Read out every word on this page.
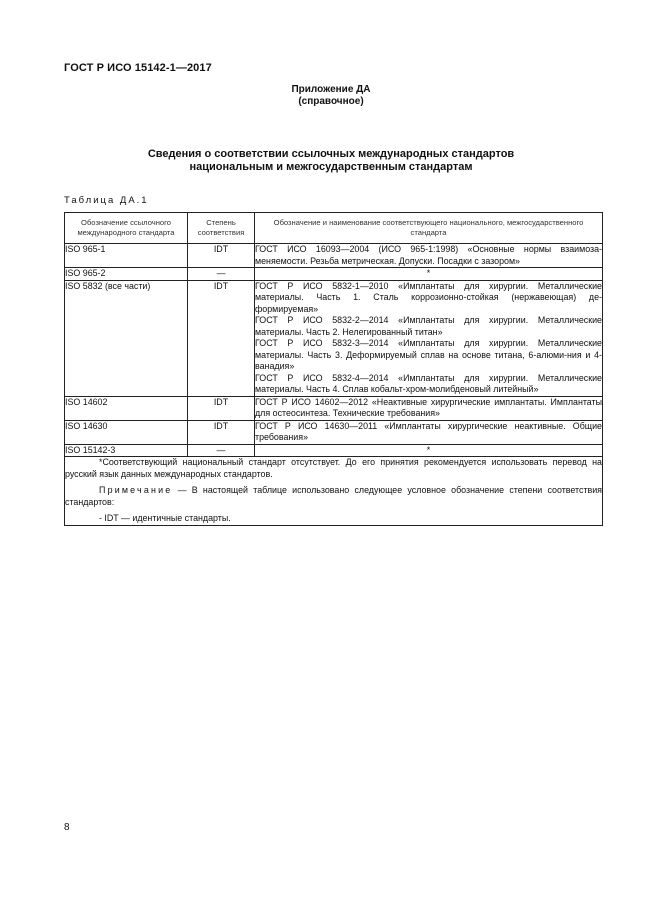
ГОСТ Р ИСО 15142-1—2017
Приложение ДА
(справочное)
Сведения о соответствии ссылочных международных стандартов
национальным и межгосударственным стандартам
Таблица ДА.1
Обозначение ссылочного международного стандарта	Степень соответствия	Обозначение и наименование соответствующего национального, межгосударственного стандарта
ISO 965-1	IDT	ГОСТ ИСО 16093—2004 (ИСО 965-1:1998) «Основные нормы взаимоза-меняемости. Резьба метрическая. Допуски. Посадки с зазором»

ISO 965-2	—	*

ISO 5832 (все части)	IDT	ГОСТ Р ИСО 5832-1—2010 «Имплантаты для хирургии. Металлические материалы. Часть 1. Сталь коррозионно-стойкая (нержавеющая) де-формируемая»
ГОСТ Р ИСО 5832-2—2014 «Имплантаты для хирургии. Металлические материалы. Часть 2. Нелегированный титан»
ГОСТ Р ИСО 5832-3—2014 «Имплантаты для хирургии. Металлические материалы. Часть 3. Деформируемый сплав на основе титана, 6-алюми-ния и 4-ванадия»
ГОСТ Р ИСО 5832-4—2014 «Имплантаты для хирургии. Металлические материалы. Часть 4. Сплав кобальт-хром-молибденовый литейный»

ISO 14602	IDT	ГОСТ Р ИСО 14602—2012 «Неактивные хирургические имплантаты. Имплантаты для остеосинтеза. Технические требования»

ISO 14630	IDT	ГОСТ Р ИСО 14630—2011 «Имплантаты хирургические неактивные. Общие требования»

ISO 15142-3	—	*

*Соответствующий национальный стандарт отсутствует. До его принятия рекомендуется использовать перевод на русский язык данных международных стандартов.

Примечание — В настоящей таблице использовано следующее условное обозначение степени соответствия стандартов:

- IDT — идентичные стандарты.		

8
